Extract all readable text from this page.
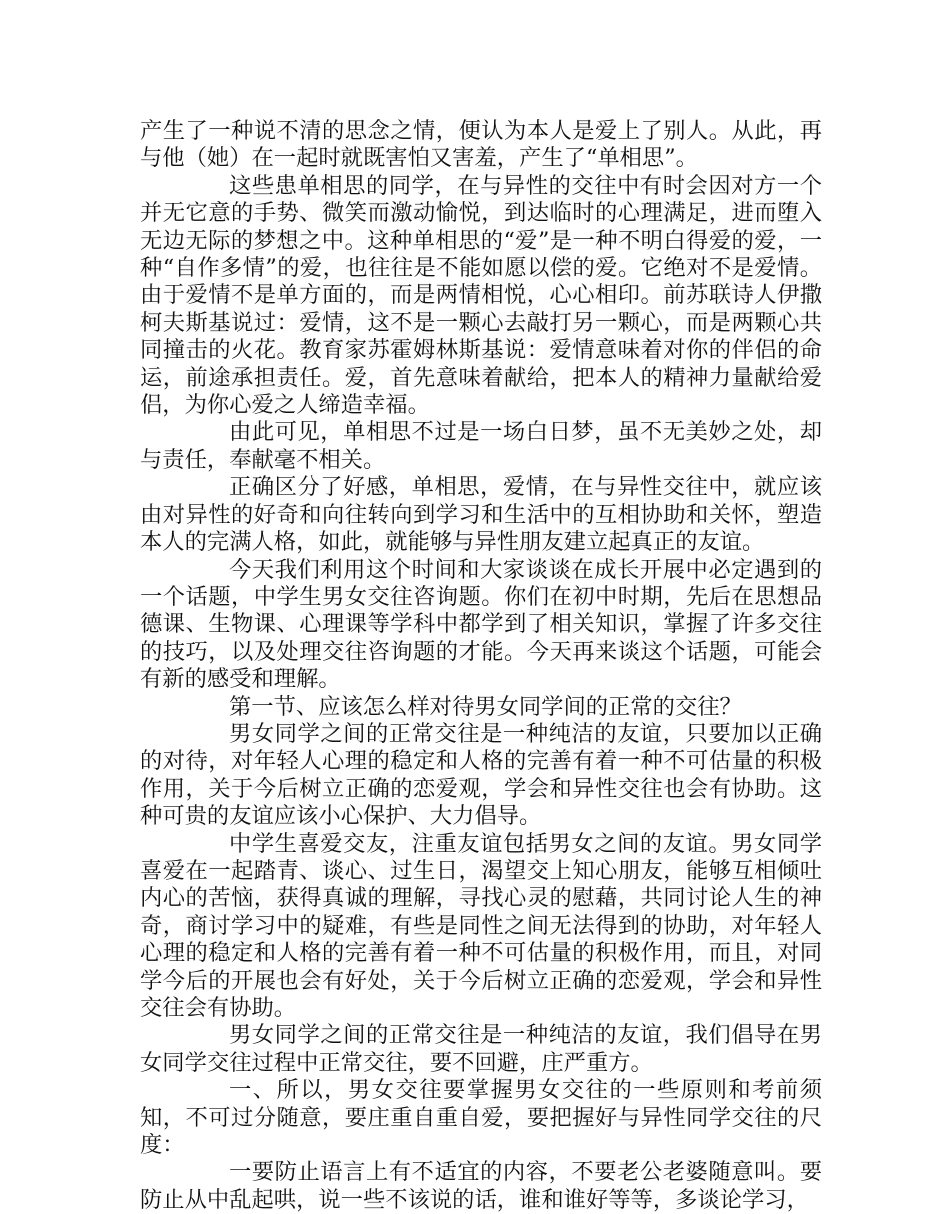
产生了一种说不清的思念之情，便认为本人是爱上了别人。从此，再与他（她）在一起时就既害怕又害羞，产生了“单相思”。

这些患单相思的同学，在与异性的交往中有时会因对方一个并无它意的手势、微笑而激动愉悦，到达临时的心理满足，进而堕入无边无际的梦想之中。这种单相思的“爱”是一种不明白得爱的爱，一种“自作多情”的爱，也往往是不能如愿以偿的爱。它绝对不是爱情。由于爱情不是单方面的，而是两情相悦，心心相印。前苏联诗人伊撒柯夫斯基说过：爱情，这不是一颗心去敲打另一颗心，而是两颗心共同撞击的火花。教育家苏霍姆林斯基说：爱情意味着对你的伴侣的命运，前途承担责任。爱，首先意味着献给，把本人的精神力量献给爱侣，为你心爱之人缔造幸福。

由此可见，单相思不过是一场白日梦，虽不无美妙之处，却与责任，奉献毫不相关。

正确区分了好感，单相思，爱情，在与异性交往中，就应该由对异性的好奇和向往转向到学习和生活中的互相协助和关怀，塑造本人的完满人格，如此，就能够与异性朋友建立起真正的友谊。

今天我们利用这个时间和大家谈谈在成长开展中必定遇到的一个话题，中学生男女交往咨询题。你们在初中时期，先后在思想品德课、生物课、心理课等学科中都学到了相关知识，掌握了许多交往的技巧，以及处理交往咨询题的才能。今天再来谈这个话题，可能会有新的感受和理解。

第一节、应该怎么样对待男女同学间的正常的交往？

男女同学之间的正常交往是一种纯洁的友谊，只要加以正确的对待，对年轻人心理的稳定和人格的完善有着一种不可估量的积极作用，关于今后树立正确的恋爱观，学会和异性交往也会有协助。这种可贵的友谊应该小心保护、大力倡导。

中学生喜爱交友，注重友谊包括男女之间的友谊。男女同学喜爱在一起踏青、谈心、过生日，渴望交上知心朋友，能够互相倾吐内心的苦恼，获得真诚的理解，寻找心灵的慰藉，共同讨论人生的神奇，商讨学习中的疑难，有些是同性之间无法得到的协助，对年轻人心理的稳定和人格的完善有着一种不可估量的积极作用，而且，对同学今后的开展也会有好处，关于今后树立正确的恋爱观，学会和异性交往会有协助。

男女同学之间的正常交往是一种纯洁的友谊，我们倡导在男女同学交往过程中正常交往，要不回避，庄严重方。

一、所以，男女交往要掌握男女交往的一些原则和考前须知，不可过分随意，要庄重自重自爱，要把握好与异性同学交往的尺度：

一要防止语言上有不适宜的内容，不要老公老婆随意叫。要防止从中乱起哄，说一些不该说的话，谁和谁好等等，多谈论学习，
